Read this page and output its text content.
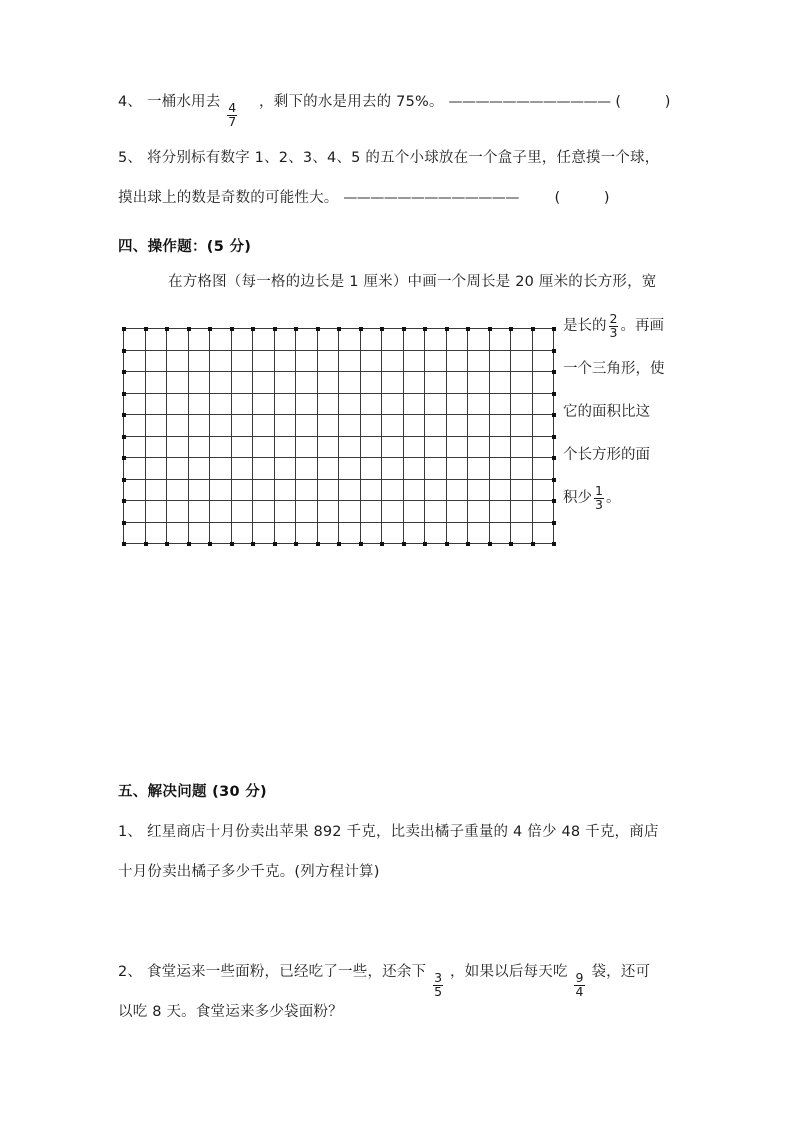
4、 一桶水用去 $\frac{4}{7}$ ，剩下的水是用去的 75%。 ———————————— (	)
5、 将分别标有数字 1、2、3、4、5 的五个小球放在一个盒子里，任意摸一个球，
摸出球上的数是奇数的可能性大。 ————————————— (	)
四、操作题：(5 分)
在方格图（每一格的边长是 1 厘米）中画一个周长是 20 厘米的长方形，宽
是长的 $\frac{2}{3}$ 。再画
一个三角形，使
它的面积比这
个长方形的面
积少 $\frac{1}{3}$ 。
五、解决问题 (30 分)
1、 红星商店十月份卖出苹果 892 千克，比卖出橘子重量的 4 倍少 48 千克，商店
十月份卖出橘子多少千克。(列方程计算)
2、 食堂运来一些面粉，已经吃了一些，还余下 $\frac{3}{5}$ ，如果以后每天吃 $\frac{9}{4}$ 袋，还可
以吃 8 天。食堂运来多少袋面粉？
